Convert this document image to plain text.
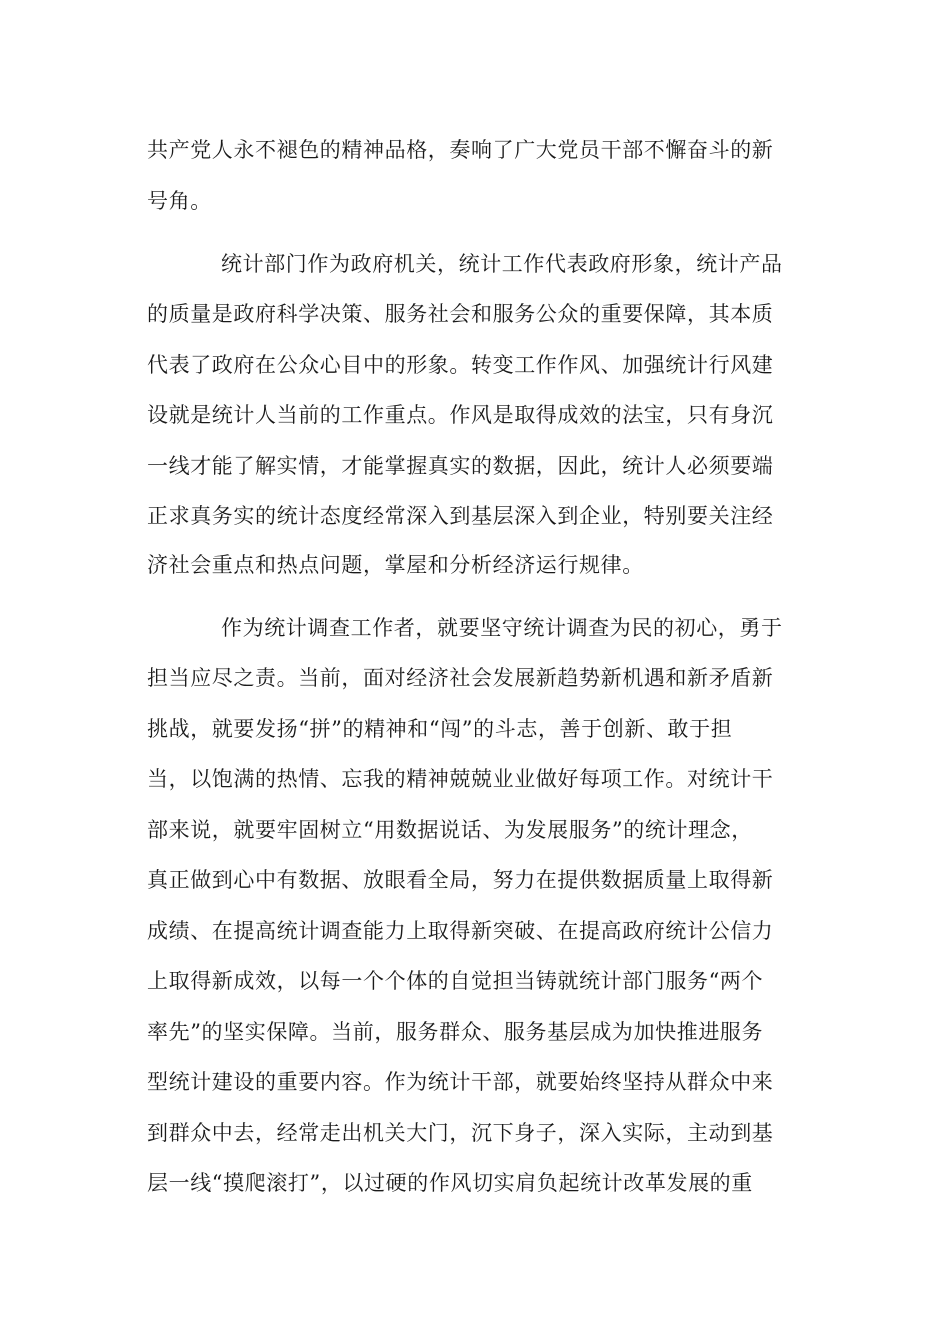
共产党人永不褪色的精神品格，奏响了广大党员干部不懈奋斗的新

号角。

统计部门作为政府机关，统计工作代表政府形象，统计产品

的质量是政府科学决策、服务社会和服务公众的重要保障，其本质

代表了政府在公众心目中的形象。转变工作作风、加强统计行风建

设就是统计人当前的工作重点。作风是取得成效的法宝，只有身沉

一线才能了解实情，才能掌握真实的数据，因此，统计人必须要端

正求真务实的统计态度经常深入到基层深入到企业，特别要关注经

济社会重点和热点问题，掌屋和分析经济运行规律。

作为统计调查工作者，就要坚守统计调查为民的初心，勇于

担当应尽之责。当前，面对经济社会发展新趋势新机遇和新矛盾新

挑战，就要发扬“拼”的精神和“闯”的斗志，善于创新、敢于担

当，以饱满的热情、忘我的精神兢兢业业做好每项工作。对统计干

部来说，就要牢固树立“用数据说话、为发展服务”的统计理念，

真正做到心中有数据、放眼看全局，努力在提供数据质量上取得新

成绩、在提高统计调查能力上取得新突破、在提高政府统计公信力

上取得新成效，以每一个个体的自觉担当铸就统计部门服务“两个

率先”的坚实保障。当前，服务群众、服务基层成为加快推进服务

型统计建设的重要内容。作为统计干部，就要始终坚持从群众中来

到群众中去，经常走出机关大门，沉下身子，深入实际，主动到基

层一线“摸爬滚打”，以过硬的作风切实肩负起统计改革发展的重
